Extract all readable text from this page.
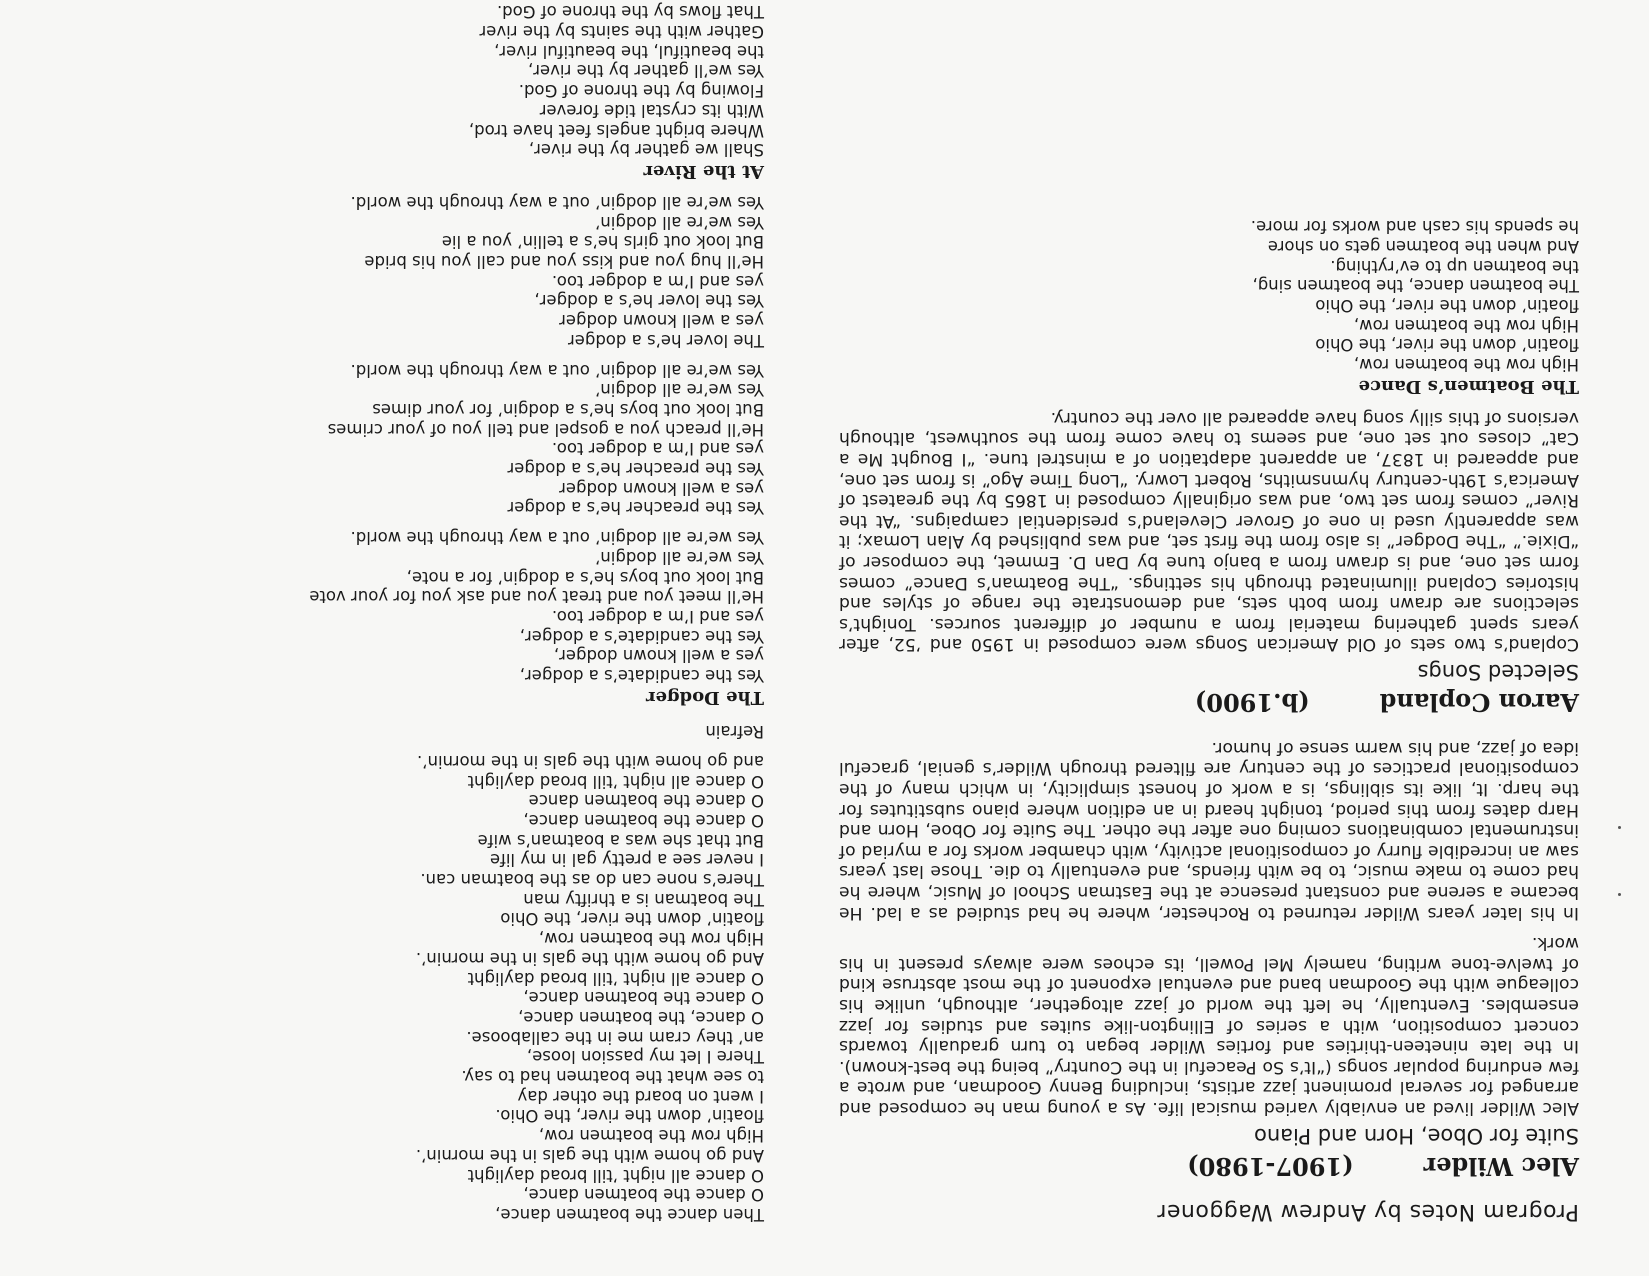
Program Notes by Andrew Waggoner
Alec Wilder
(1907-1980)
Suite for Oboe, Horn and Piano

Alec Wilder lived an enviably varied musical life. As a young man he composed and arranged for several prominent jazz artists, including Benny Goodman, and wrote a few enduring popular songs (“It’s So Peaceful in the Country” being the best-known). In the late nineteen-thirties and forties Wilder began to turn gradually towards concert composition, with a series of Ellington-like suites and studies for jazz ensembles. Eventually, he left the world of jazz altogether, although, unlike his colleague with the Goodman band and eventual exponent of the most abstruse kind of twelve-tone writing, namely Mel Powell, its echoes were always present in his work.

In his later years Wilder returned to Rochester, where he had studied as a lad. He became a serene and constant presence at the Eastman School of Music, where he had come to make music, to be with friends, and eventually to die. Those last years saw an incredible flurry of compositional activity, with chamber works for a myriad of instrumental combinations coming one after the other. The Suite for Oboe, Horn and Harp dates from this period, tonight heard in an edition where piano substitutes for the harp. It, like its siblings, is a work of honest simplicity, in which many of the compositional practices of the century are filtered through Wilder’s genial, graceful idea of jazz, and his warm sense of humor.

Aaron Copland
(b.1900)
Selected Songs

Copland’s two sets of Old American Songs were composed in 1950 and ’52, after years spent gathering material from a number of different sources. Tonight’s selections are drawn from both sets, and demonstrate the range of styles and histories Copland illuminated through his settings. “The Boatman’s Dance” comes form set one, and is drawn from a banjo tune by Dan D. Emmet, the composer of “Dixie.” “The Dodger” is also from the first set, and was published by Alan Lomax; it was apparently used in one of Grover Cleveland’s presidential campaigns. “At the River” comes from set two, and was originally composed in 1865 by the greatest of America’s 19th-century hymnsmiths, Robert Lowry. “Long Time Ago” is from set one, and appeared in 1837, an apparent adaptation of a minstrel tune. “I Bought Me a Cat” closes out set one, and seems to have come from the southwest, although versions of this silly song have appeared all over the country.

The Boatmen’s Dance
High row the boatmen row,
floatin’ down the river, the Ohio
High row the boatmen row,
floatin’ down the river, the Ohio
The boatmen dance, the boatmen sing,
the boatmen up to ev’rything.
And when the boatmen gets on shore
he spends his cash and works for more.
Then dance the boatmen dance,
O dance the boatmen dance,
O dance all night ’till broad daylight
And go home with the gals in the mornin’.
High row the boatmen row,
floatin’ down the river, the Ohio.
I went on board the other day
to see what the boatmen had to say.
There I let my passion loose,
an’ they cram me in the callaboose.
O dance, the boatmen dance,
O dance the boatmen dance,
O dance all night ’till broad daylight
And go home with the gals in the mornin’.
High row the boatmen row,
floatin’ down the river, the Ohio
The boatman is a thrifty man
There’s none can do as the boatman can.
I never see a pretty gal in my life
But that she was a boatman’s wife
O dance the boatmen dance,
O dance the boatmen dance
O dance all night ’till broad daylight
and go home with the gals in the mornin’.
Refrain
The Dodger
Yes the candidate’s a dodger,
yes a well known dodger,
Yes the candidate’s a dodger,
yes and I’m a dodger too.
He’ll meet you and treat you and ask you for your vote
But look out boys he’s a dodgin’ for a note,
Yes we’re all dodgin’
Yes we’re all dodgin’ out a way through the world.
Yes the preacher he’s a dodger
yes a well known dodger
Yes the preacher he’s a dodger
yes and I’m a dodger too.
He’ll preach you a gospel and tell you of your crimes
But look out boys he’s a dodgin’ for your dimes
Yes we’re all dodgin’
Yes we’re all dodgin’ out a way through the world.
The lover he’s a dodger
yes a well known dodger
Yes the lover he’s a dodger,
yes and I’m a dodger too.
He’ll hug you and kiss you and call you his bride
But look out girls he’s a tellin’ you a lie
Yes we’re all dodgin’
Yes we’re all dodgin’ out a way through the world.
At the River
Shall we gather by the river,
Where bright angels feet have trod,
With its crystal tide forever
Flowing by the throne of God.
Yes we’ll gather by the river,
the beautiful, the beautiful river,
Gather with the saints by the river
That flows by the throne of God.
